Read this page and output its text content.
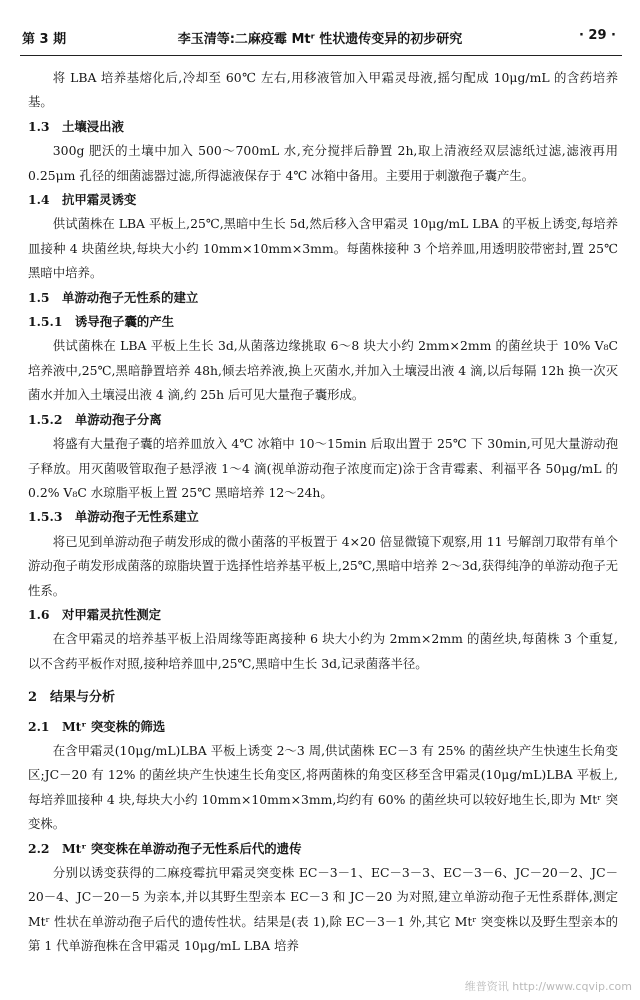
第 3 期	李玉清等:二麻疫霉 Mtʳ 性状遗传变异的初步研究	· 29 ·

将 LBA 培养基熔化后,冷却至 60℃ 左右,用移液管加入甲霜灵母液,摇匀配成 10μg/mL 的含药培养基。

1.3　土壤浸出液

300g 肥沃的土壤中加入 500～700mL 水,充分搅拌后静置 2h,取上清液经双层滤纸过滤,滤液再用 0.25μm 孔径的细菌滤器过滤,所得滤液保存于 4℃ 冰箱中备用。主要用于刺激孢子囊产生。

1.4　抗甲霜灵诱变

供试菌株在 LBA 平板上,25℃,黑暗中生长 5d,然后移入含甲霜灵 10μg/mL LBA 的平板上诱变,每培养皿接种 4 块菌丝块,每块大小约 10mm×10mm×3mm。每菌株接种 3 个培养皿,用透明胶带密封,置 25℃ 黑暗中培养。

1.5　单游动孢子无性系的建立
1.5.1　诱导孢子囊的产生

供试菌株在 LBA 平板上生长 3d,从菌落边缘挑取 6～8 块大小约 2mm×2mm 的菌丝块于 10% V₈C 培养液中,25℃,黑暗静置培养 48h,倾去培养液,换上灭菌水,并加入土壤浸出液 4 滴,以后每隔 12h 换一次灭菌水并加入土壤浸出液 4 滴,约 25h 后可见大量孢子囊形成。

1.5.2　单游动孢子分离

将盛有大量孢子囊的培养皿放入 4℃ 冰箱中 10～15min 后取出置于 25℃ 下 30min,可见大量游动孢子释放。用灭菌吸管取孢子悬浮液 1～4 滴(视单游动孢子浓度而定)涂于含青霉素、利福平各 50μg/mL 的 0.2% V₈C 水琼脂平板上置 25℃ 黑暗培养 12～24h。

1.5.3　单游动孢子无性系建立

将已见到单游动孢子萌发形成的微小菌落的平板置于 4×20 倍显微镜下观察,用 11 号解剖刀取带有单个游动孢子萌发形成菌落的琼脂块置于选择性培养基平板上,25℃,黑暗中培养 2～3d,获得纯净的单游动孢子无性系。

1.6　对甲霜灵抗性测定

在含甲霜灵的培养基平板上沿周缘等距离接种 6 块大小约为 2mm×2mm 的菌丝块,每菌株 3 个重复,以不含药平板作对照,接种培养皿中,25℃,黑暗中生长 3d,记录菌落半径。

2　结果与分析
2.1　Mtʳ 突变株的筛选

在含甲霜灵(10μg/mL)LBA 平板上诱变 2～3 周,供试菌株 EC－3 有 25% 的菌丝块产生快速生长角变区;JC－20 有 12% 的菌丝块产生快速生长角变区,将两菌株的角变区移至含甲霜灵(10μg/mL)LBA 平板上,每培养皿接种 4 块,每块大小约 10mm×10mm×3mm,均约有 60% 的菌丝块可以较好地生长,即为 Mtʳ 突变株。

2.2　Mtʳ 突变株在单游动孢子无性系后代的遗传

分别以诱变获得的二麻疫霉抗甲霜灵突变株 EC－3－1、EC－3－3、EC－3－6、JC－20－2、JC－20－4、JC－20－5 为亲本,并以其野生型亲本 EC－3 和 JC－20 为对照,建立单游动孢子无性系群体,测定 Mtʳ 性状在单游动孢子后代的遗传性状。结果是(表 1),除 EC－3－1 外,其它 Mtʳ 突变株以及野生型亲本的第 1 代单游孢株在含甲霜灵 10μg/mL LBA 培养

维普资讯 http://www.cqvip.com
